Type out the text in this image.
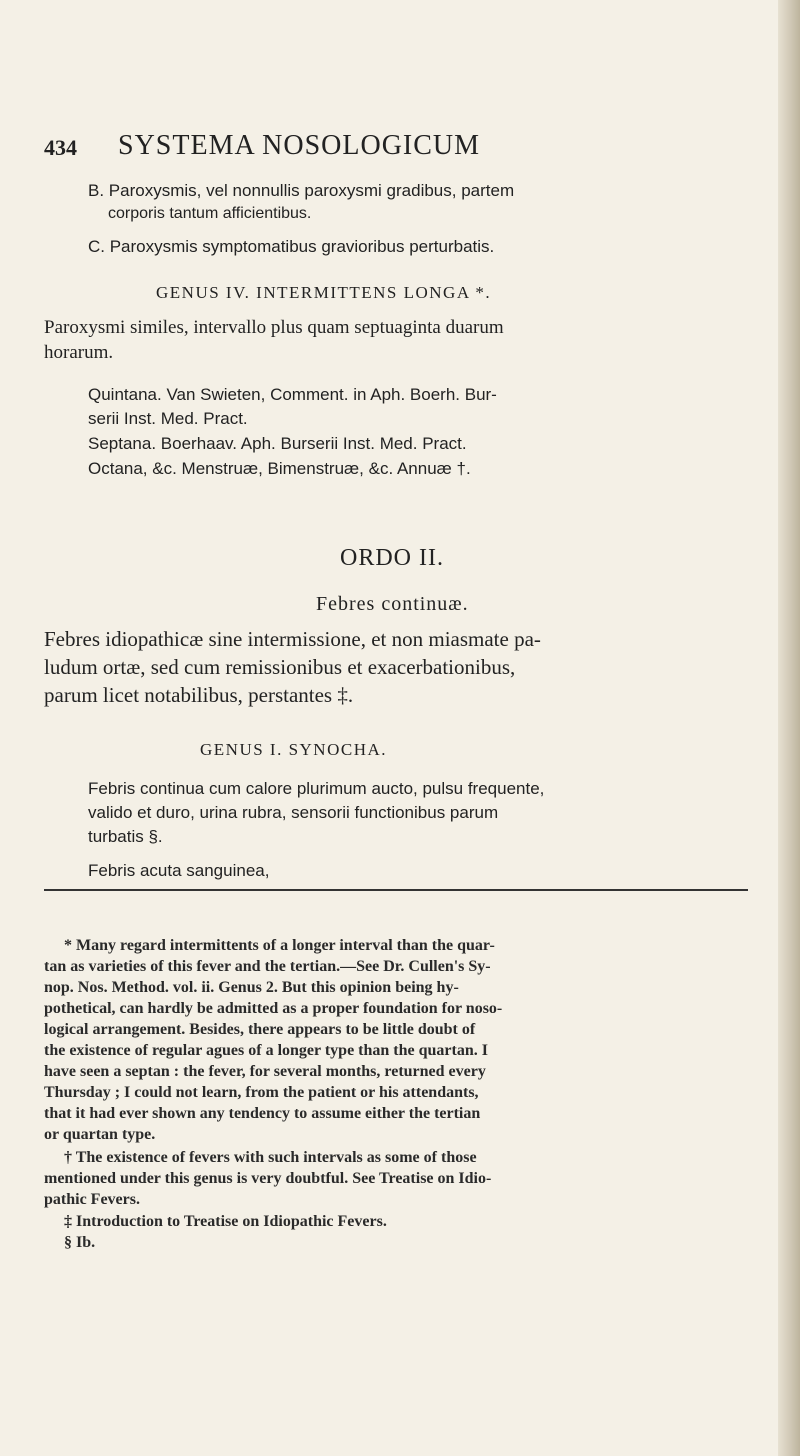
434 SYSTEMA NOSOLOGICUM

B. Paroxysmis, vel nonnullis paroxysmi gradibus, partem

corporis tantum afficientibus.

C. Paroxysmis symptomatibus gravioribus perturbatis.

GENUS IV. INTERMITTENS LONGA *.

Paroxysmi similes, intervallo plus quam septuaginta duarum

horarum.

Quintana. Van Swieten, Comment. in Aph. Boerh. Bur-

serii Inst. Med. Pract.

Septana. Boerhaav. Aph. Burserii Inst. Med. Pract.

Octana, &c. Menstruæ, Bimenstruæ, &c. Annuæ †.

ORDO II.

Febres continuæ.

Febres idiopathicæ sine intermissione, et non miasmate pa-

ludum ortæ, sed cum remissionibus et exacerbationibus,

parum licet notabilibus, perstantes ‡.

GENUS I. SYNOCHA.

Febris continua cum calore plurimum aucto, pulsu frequente,

valido et duro, urina rubra, sensorii functionibus parum

turbatis §.

Febris acuta sanguinea,

* Many regard intermittents of a longer interval than the quar-

tan as varieties of this fever and the tertian.—See Dr. Cullen's Sy-

nop. Nos. Method. vol. ii. Genus 2. But this opinion being hy-

pothetical, can hardly be admitted as a proper foundation for noso-

logical arrangement. Besides, there appears to be little doubt of

the existence of regular agues of a longer type than the quartan. I

have seen a septan : the fever, for several months, returned every

Thursday ; I could not learn, from the patient or his attendants,

that it had ever shown any tendency to assume either the tertian

or quartan type.

† The existence of fevers with such intervals as some of those

mentioned under this genus is very doubtful. See Treatise on Idio-

pathic Fevers.

‡ Introduction to Treatise on Idiopathic Fevers.

§ Ib.
